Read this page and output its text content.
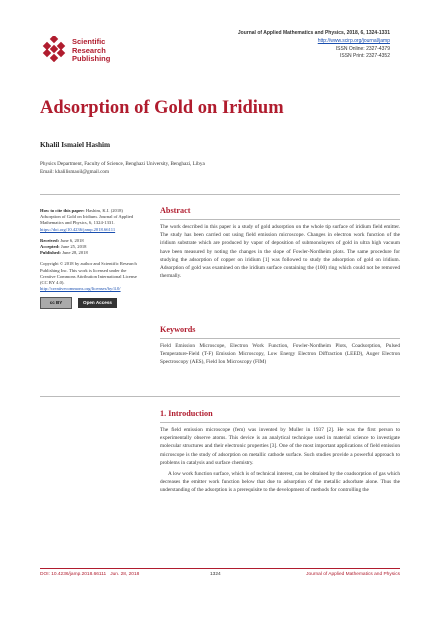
Scientific
Research
Publishing
Journal of Applied Mathematics and Physics, 2018, 6, 1324-1331
http://www.scirp.org/journal/jamp
ISSN Online: 2327-4379
ISSN Print: 2327-4352
Adsorption of Gold on Iridium
Khalil Ismaiel Hashim
Physics Department, Faculty of Science, Benghazi University, Benghazi, Libya
Email: khalilismaoil@gmail.com

How to cite this paper: Hashim, K.I. (2018) Adsorption of Gold on Iridium. Journal of Applied Mathematics and Physics, 6, 1324-1331. https://doi.org/10.4236/jamp.2018.66111

Received: June 6, 2018
Accepted: June 25, 2018
Published: June 28, 2018

Copyright © 2018 by author and Scientific Research Publishing Inc. This work is licensed under the Creative Commons Attribution International License (CC BY 4.0).
http://creativecommons.org/licenses/by/4.0/

cc BY	Open Access
Abstract
The work described in this paper is a study of gold adsorption on the whole tip surface of iridium field emitter. The study has been carried out using field emission microscope. Changes in electron work function of the iridium substrate which are produced by vapor of deposition of submonolayers of gold in ultra high vacuum have been measured by noting the changes in the slope of Fowler-Nordheim plots. The same procedure for studying the adsorption of copper on iridium [1] was followed to study the adsorption of gold on iridium. Adsorption of gold was examined on the iridium surface containing the (100) ring which could not be removed thermally.
Keywords
Field Emission Microscope, Electron Work Function, Fowler-Nordheim Plots, Coadsorption, Pulsed Temperature-Field (T-F) Emission Microscopy, Low Energy Electron Diffraction (LEED), Auger Electron Spectroscopy (AES), Field Ion Microscopy (FIM)
1. Introduction
The field emission microscope (fem) was invented by Muller in 1937 [2]. He was the first person to experimentally observe atoms. This device is an analytical technique used in material science to investigate molecular structures and their electronic properties [3]. One of the most important applications of field emission microscope is the study of adsorption on metallic cathode surface. Such studies provide a powerful approach to problems in catalysis and surface chemistry.
A low work function surface, which is of technical interest, can be obtained by the coadsorption of gas which decreases the emitter work function below that due to adsorption of the metallic adsorbate alone. Thus the understanding of the adsorption is a prerequisite to the development of methods for controlling the
DOI: 10.4236/jamp.2018.66111 Jun. 28, 2018	1324	Journal of Applied Mathematics and Physics
